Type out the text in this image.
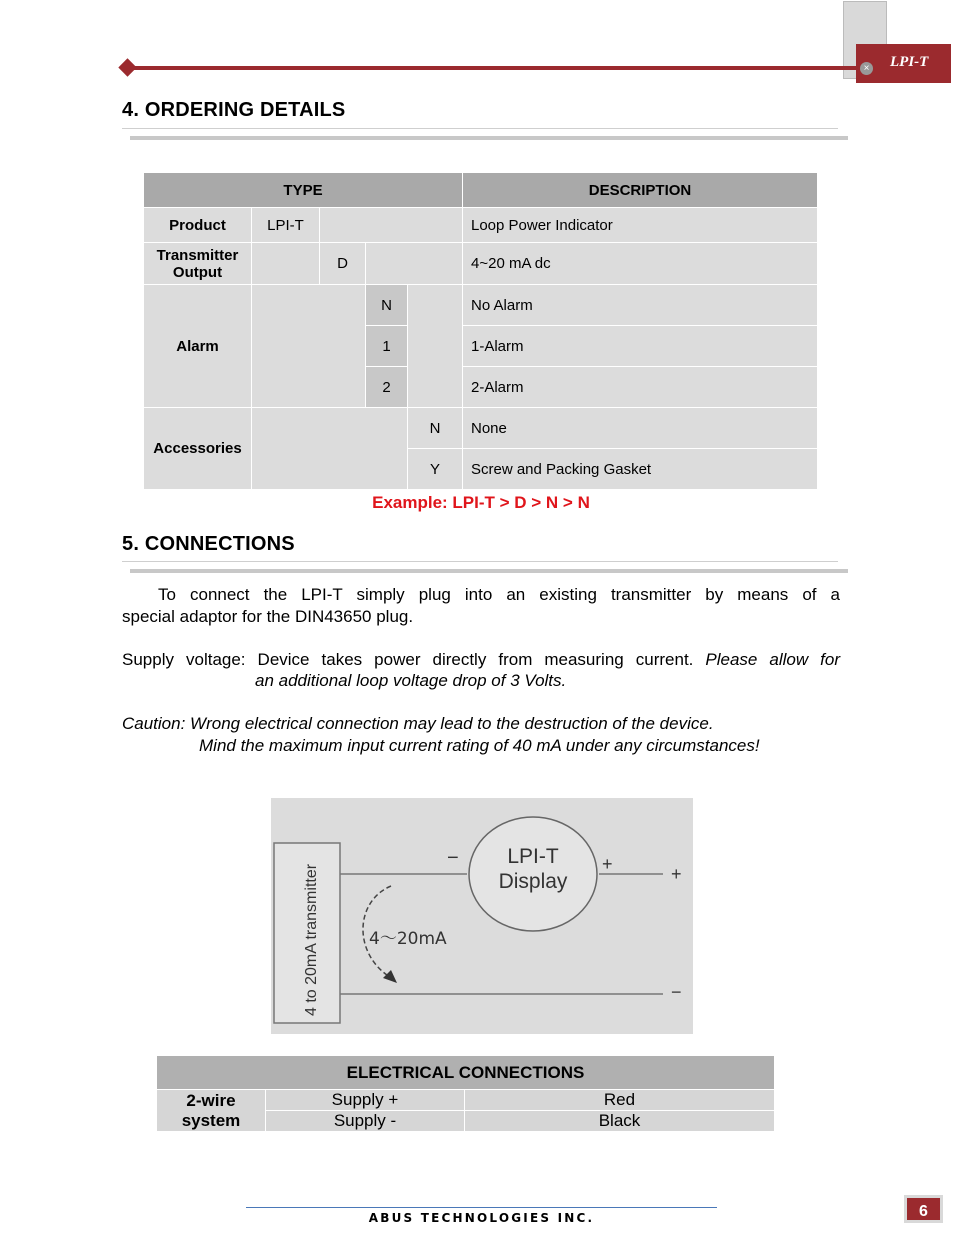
LPI-T
×
4. ORDERING DETAILS
TYPE					DESCRIPTION
Product	LPI-T				Loop Power Indicator
Transmitter
Output		D			4~20 mA dc
Alarm			N		No Alarm
			1		1-Alarm
			2		2-Alarm
Accessories				N	None
				Y	Screw and Packing Gasket
Example: LPI-T > D > N > N
5. CONNECTIONS
To connect the LPI-T simply plug into an existing transmitter by means of a
special adaptor for the DIN43650 plug.
Supply voltage: Device takes power directly from measuring current. Please allow for
an additional loop voltage drop of 3 Volts.
Caution: Wrong electrical connection may lead to the destruction of the device.
Mind the maximum input current rating of 40 mA under any circumstances!
4 to 20mA transmitter
LPI-T
Display
−	+	+
−
4～20mA
ELECTRICAL CONNECTIONS		
2-wire
system	Supply +	Red
	Supply -	Black
ABUS TECHNOLOGIES INC.	6
